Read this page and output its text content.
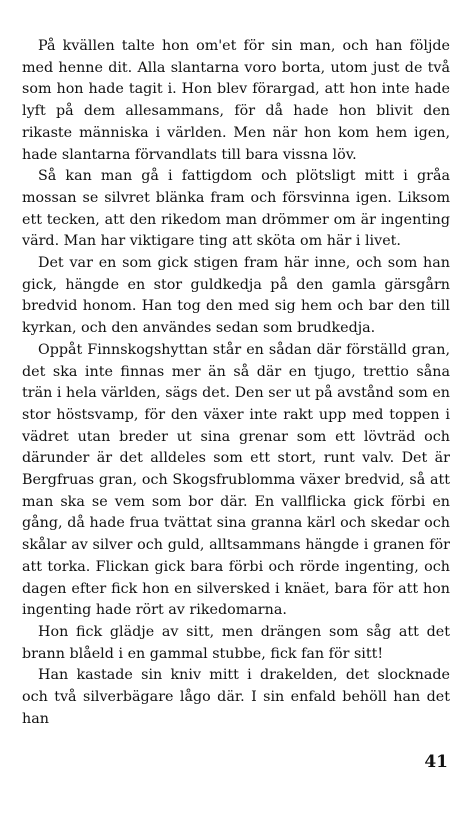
På kvällen talte hon om'et för sin man, och han följde med henne dit. Alla slantarna voro borta, utom just de två som hon hade tagit i. Hon blev förargad, att hon inte hade lyft på dem allesammans, för då hade hon blivit den rikaste människa i världen. Men när hon kom hem igen, hade slantarna förvandlats till bara vissna löv.

Så kan man gå i fattigdom och plötsligt mitt i gråa mossan se silvret blänka fram och försvinna igen. Liksom ett tecken, att den rikedom man drömmer om är ingenting värd. Man har viktigare ting att sköta om här i livet.

Det var en som gick stigen fram här inne, och som han gick, hängde en stor guldkedja på den gamla gärsgårn bredvid honom. Han tog den med sig hem och bar den till kyrkan, och den användes sedan som brudkedja.

Oppåt Finnskogshyttan står en sådan där förställd gran, det ska inte finnas mer än så där en tjugo, trettio såna trän i hela världen, sägs det. Den ser ut på avstånd som en stor höstsvamp, för den växer inte rakt upp med toppen i vädret utan breder ut sina grenar som ett lövträd och därunder är det alldeles som ett stort, runt valv. Det är Bergfruas gran, och Skogsfrublomma växer bredvid, så att man ska se vem som bor där. En vallflicka gick förbi en gång, då hade frua tvättat sina granna kärl och skedar och skålar av silver och guld, alltsammans hängde i granen för att torka. Flickan gick bara förbi och rörde ingenting, och dagen efter fick hon en silversked i knäet, bara för att hon ingenting hade rört av rikedomarna.

Hon fick glädje av sitt, men drängen som såg att det brann blåeld i en gammal stubbe, fick fan för sitt!

Han kastade sin kniv mitt i drakelden, det slocknade och två silverbägare lågo där. I sin enfald behöll han det han

41
